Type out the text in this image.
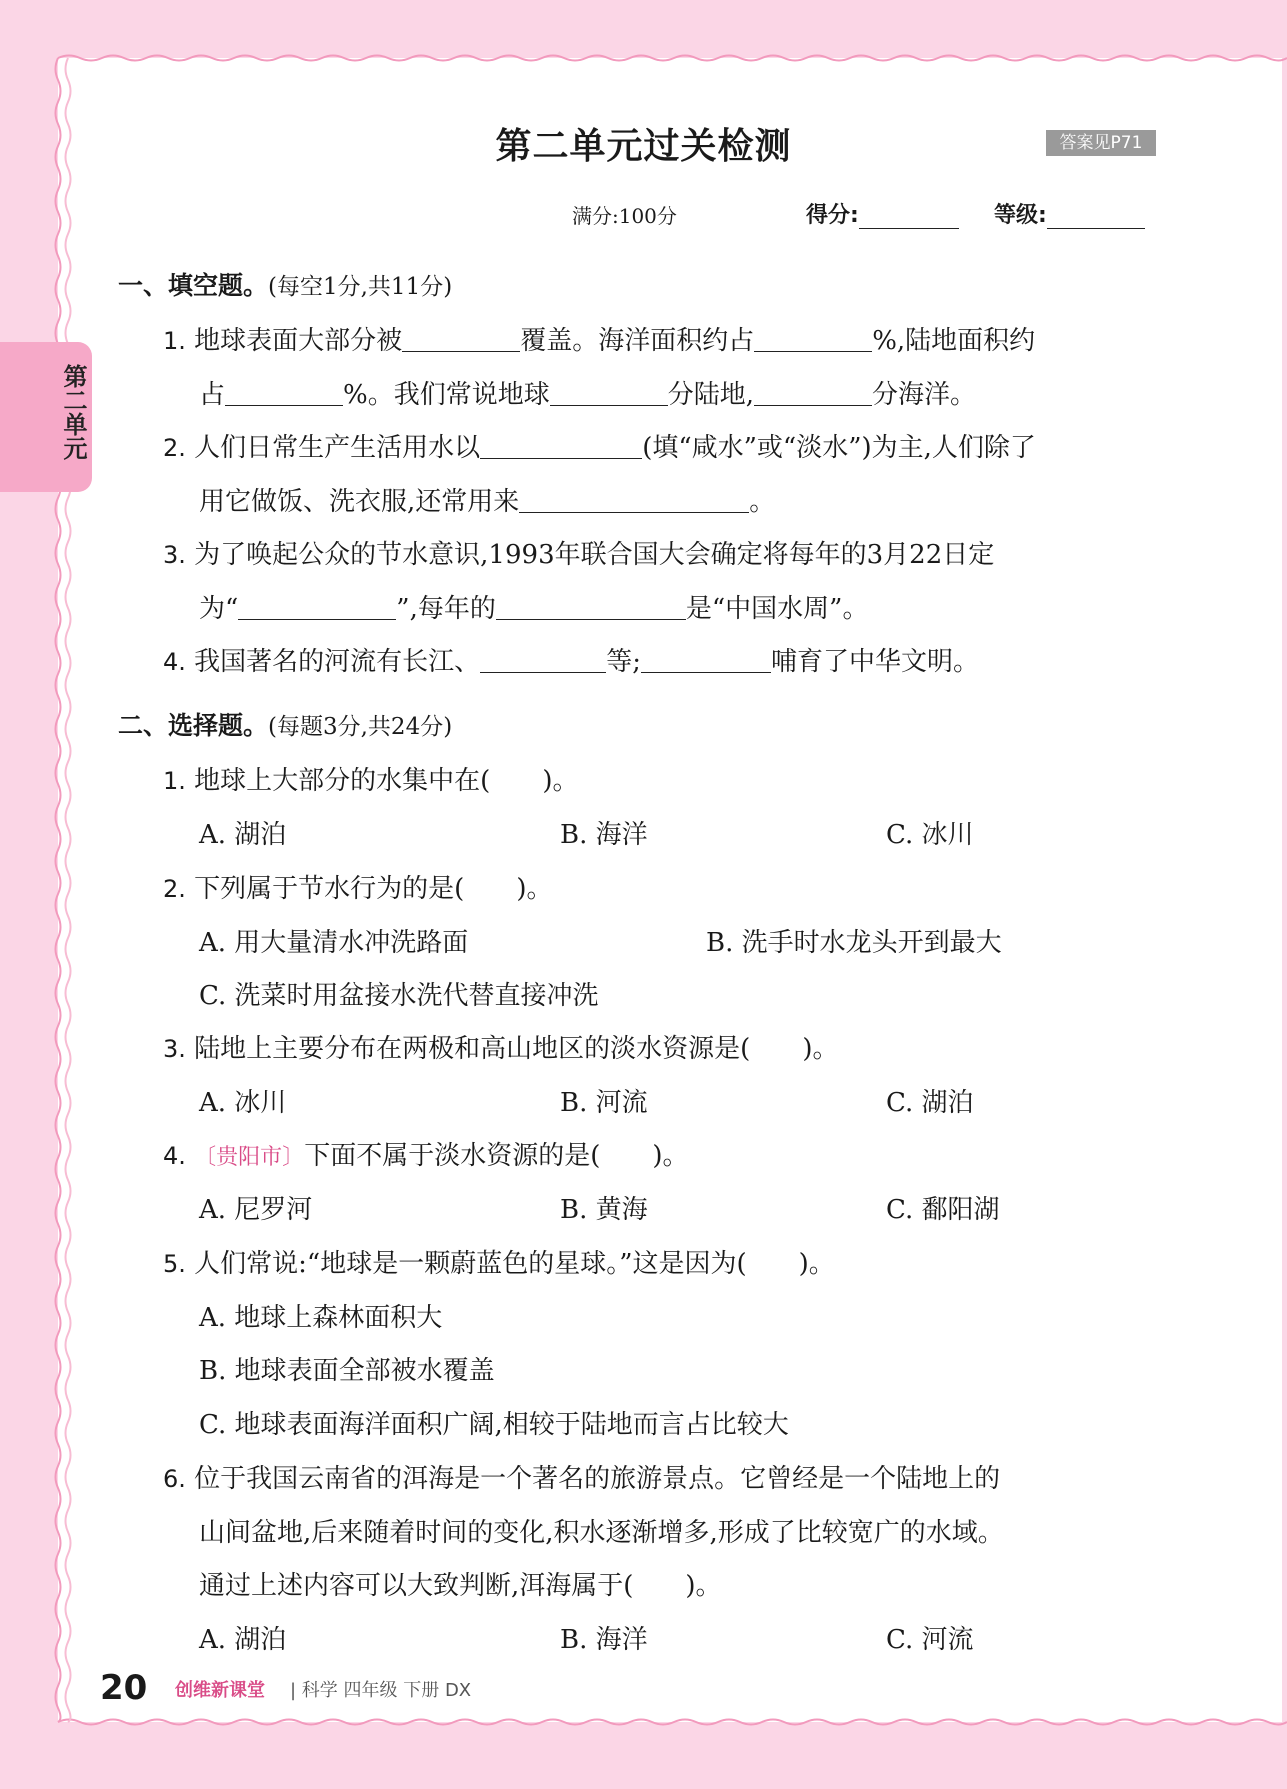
第二单元过关检测	答案见P71
满分:100分	得分:	等级:
第二单元
一、填空题。(每空1分,共11分)
1. 地球表面大部分被	覆盖。海洋面积约占	%,陆地面积约
占	%。我们常说地球	分陆地,	分海洋。
2. 人们日常生产生活用水以	(填“咸水”或“淡水”)为主,人们除了
用它做饭、洗衣服,还常用来	。
3. 为了唤起公众的节水意识,1993年联合国大会确定将每年的3月22日定
为“	”,每年的	是“中国水周”。
4. 我国著名的河流有长江、	等;	哺育了中华文明。
二、选择题。(每题3分,共24分)
1. 地球上大部分的水集中在(　　)。
A. 湖泊	B. 海洋	C. 冰川
2. 下列属于节水行为的是(　　)。
A. 用大量清水冲洗路面	B. 洗手时水龙头开到最大
C. 洗菜时用盆接水洗代替直接冲洗
3. 陆地上主要分布在两极和高山地区的淡水资源是(　　)。
A. 冰川	B. 河流	C. 湖泊
4. 〔贵阳市〕下面不属于淡水资源的是(　　)。
A. 尼罗河	B. 黄海	C. 鄱阳湖
5. 人们常说:“地球是一颗蔚蓝色的星球。”这是因为(　　)。
A. 地球上森林面积大
B. 地球表面全部被水覆盖
C. 地球表面海洋面积广阔,相较于陆地而言占比较大
6. 位于我国云南省的洱海是一个著名的旅游景点。它曾经是一个陆地上的
山间盆地,后来随着时间的变化,积水逐渐增多,形成了比较宽广的水域。
通过上述内容可以大致判断,洱海属于(　　)。
A. 湖泊	B. 海洋	C. 河流
20 创维新课堂 | 科学 四年级 下册 DX
